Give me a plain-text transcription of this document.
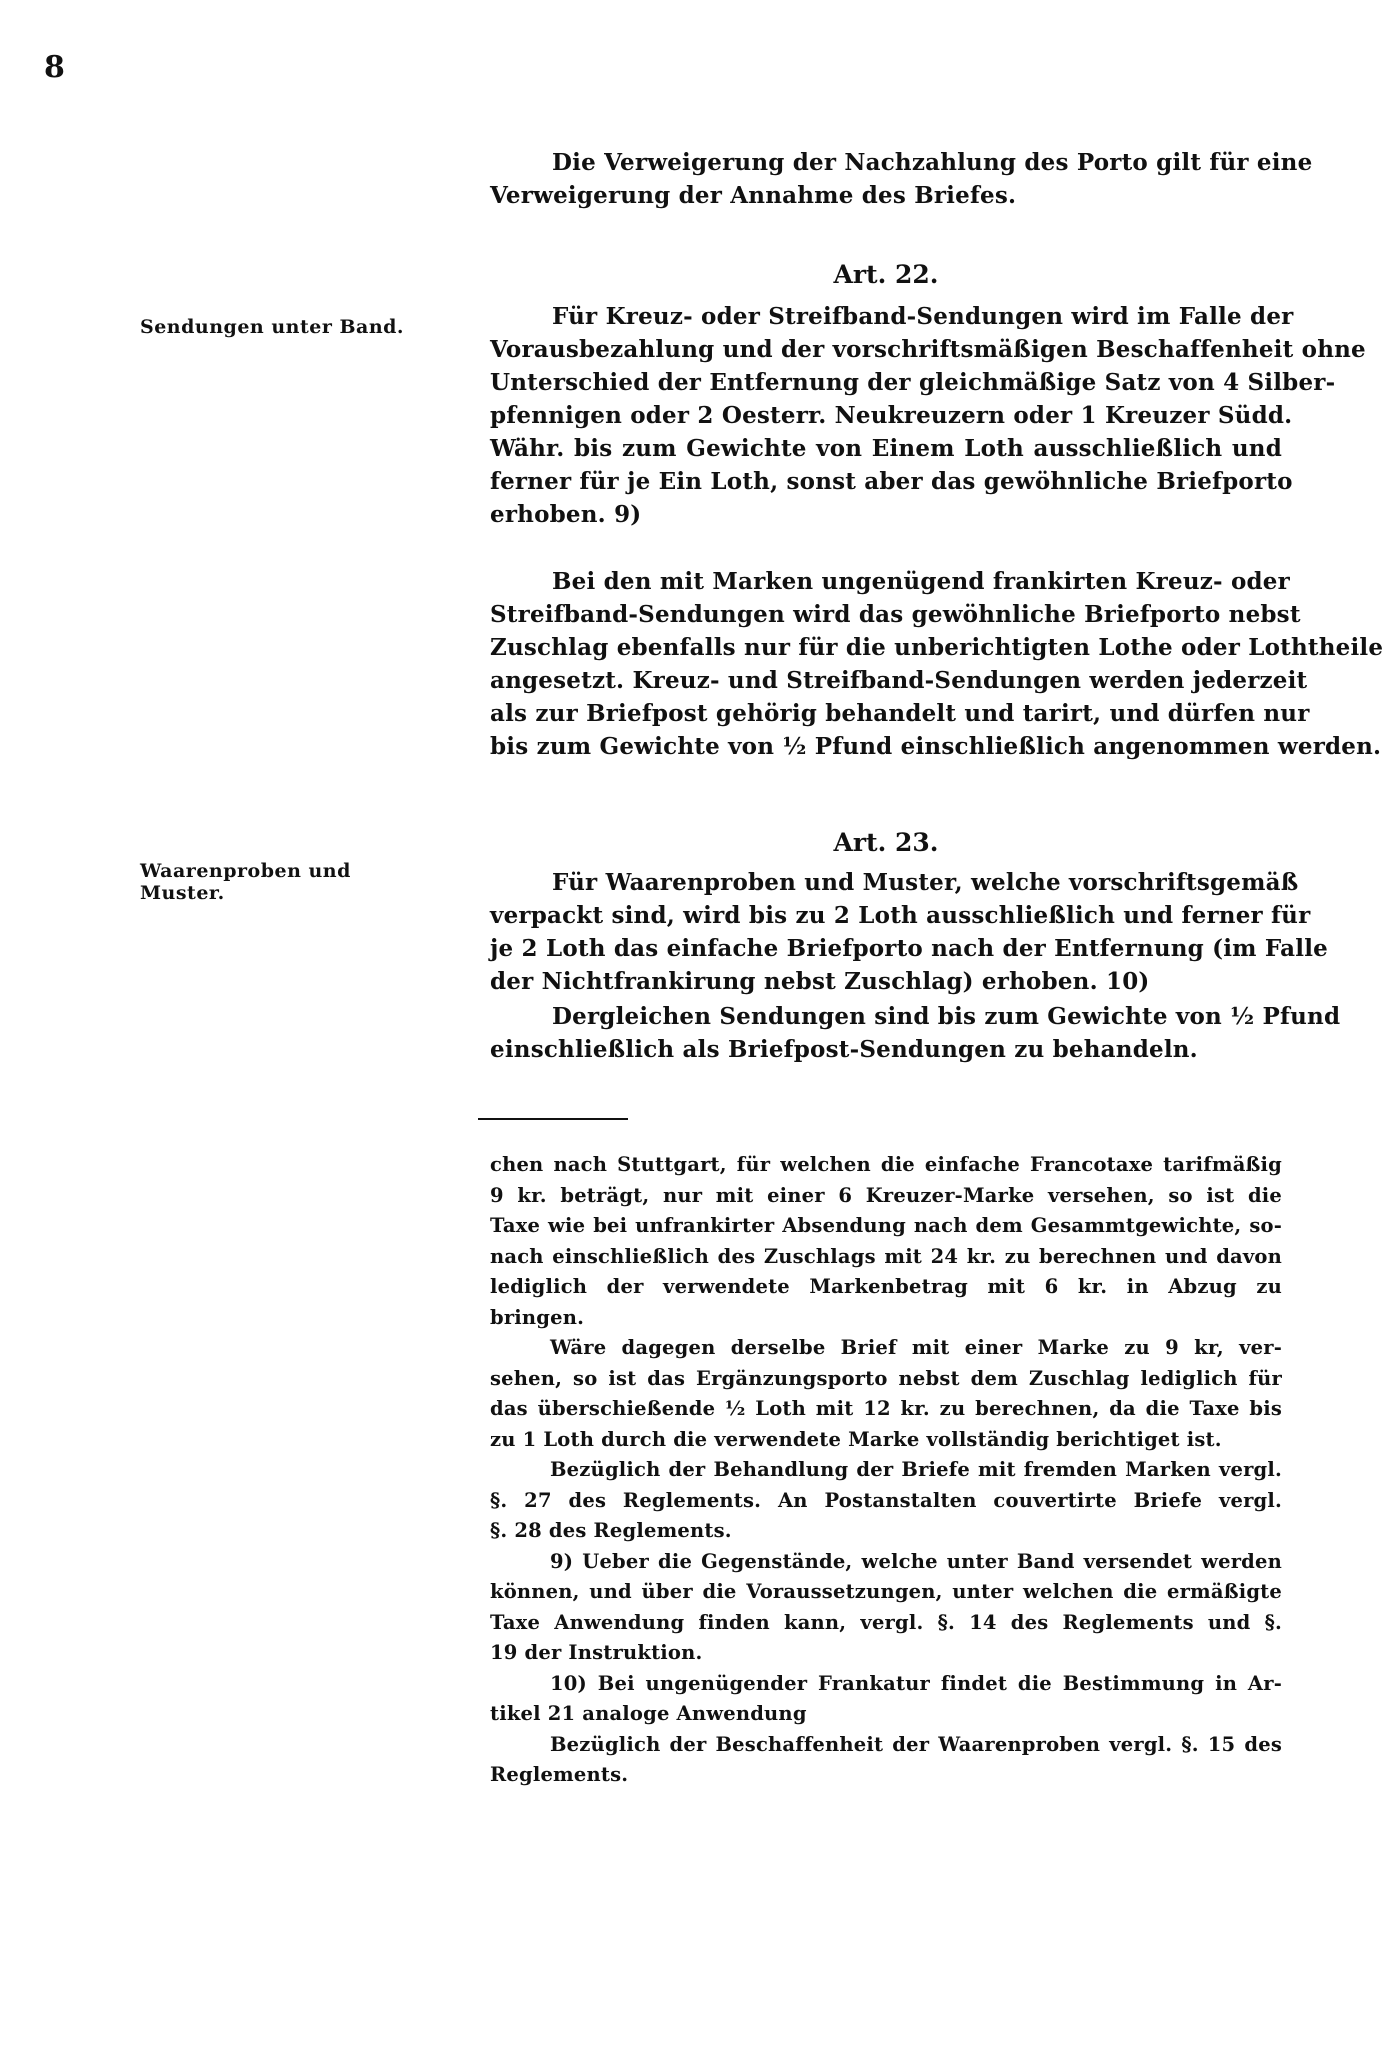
8
Die Verweigerung der Nachzahlung des Porto gilt für eine
Verweigerung der Annahme des Briefes.
Art. 22.
Sendungen unter Band.	Für Kreuz- oder Streifband-Sendungen wird im Falle der
Vorausbezahlung und der vorschriftsmäßigen Beschaffenheit ohne
Unterschied der Entfernung der gleichmäßige Satz von 4 Silber-
pfennigen oder 2 Oesterr. Neukreuzern oder 1 Kreuzer Südd.
Währ. bis zum Gewichte von Einem Loth ausschließlich und
ferner für je Ein Loth, sonst aber das gewöhnliche Briefporto
erhoben. 9)
Bei den mit Marken ungenügend frankirten Kreuz- oder
Streifband-Sendungen wird das gewöhnliche Briefporto nebst
Zuschlag ebenfalls nur für die unberichtigten Lothe oder Loththeile
angesetzt. Kreuz- und Streifband-Sendungen werden jederzeit
als zur Briefpost gehörig behandelt und tarirt, und dürfen nur
bis zum Gewichte von ½ Pfund einschließlich angenommen werden.
Art. 23.
Waarenproben und Muster.	Für Waarenproben und Muster, welche vorschriftsgemäß
verpackt sind, wird bis zu 2 Loth ausschließlich und ferner für
je 2 Loth das einfache Briefporto nach der Entfernung (im Falle
der Nichtfrankirung nebst Zuschlag) erhoben. 10)
Dergleichen Sendungen sind bis zum Gewichte von ½ Pfund
einschließlich als Briefpost-Sendungen zu behandeln.
chen nach Stuttgart, für welchen die einfache Francotaxe tarifmäßig
9 kr. beträgt, nur mit einer 6 Kreuzer-Marke versehen, so ist die
Taxe wie bei unfrankirter Absendung nach dem Gesammtgewichte, so-
nach einschließlich des Zuschlags mit 24 kr. zu berechnen und davon
lediglich der verwendete Markenbetrag mit 6 kr. in Abzug zu
bringen.
Wäre dagegen derselbe Brief mit einer Marke zu 9 kr, ver-
sehen, so ist das Ergänzungsporto nebst dem Zuschlag lediglich für
das überschießende ½ Loth mit 12 kr. zu berechnen, da die Taxe bis
zu 1 Loth durch die verwendete Marke vollständig berichtiget ist.
Bezüglich der Behandlung der Briefe mit fremden Marken vergl.
§. 27 des Reglements. An Postanstalten couvertirte Briefe vergl.
§. 28 des Reglements.
9) Ueber die Gegenstände, welche unter Band versendet werden
können, und über die Voraussetzungen, unter welchen die ermäßigte
Taxe Anwendung finden kann, vergl. §. 14 des Reglements und §.
19 der Instruktion.
10) Bei ungenügender Frankatur findet die Bestimmung in Ar-
tikel 21 analoge Anwendung
Bezüglich der Beschaffenheit der Waarenproben vergl. §. 15 des
Reglements.
